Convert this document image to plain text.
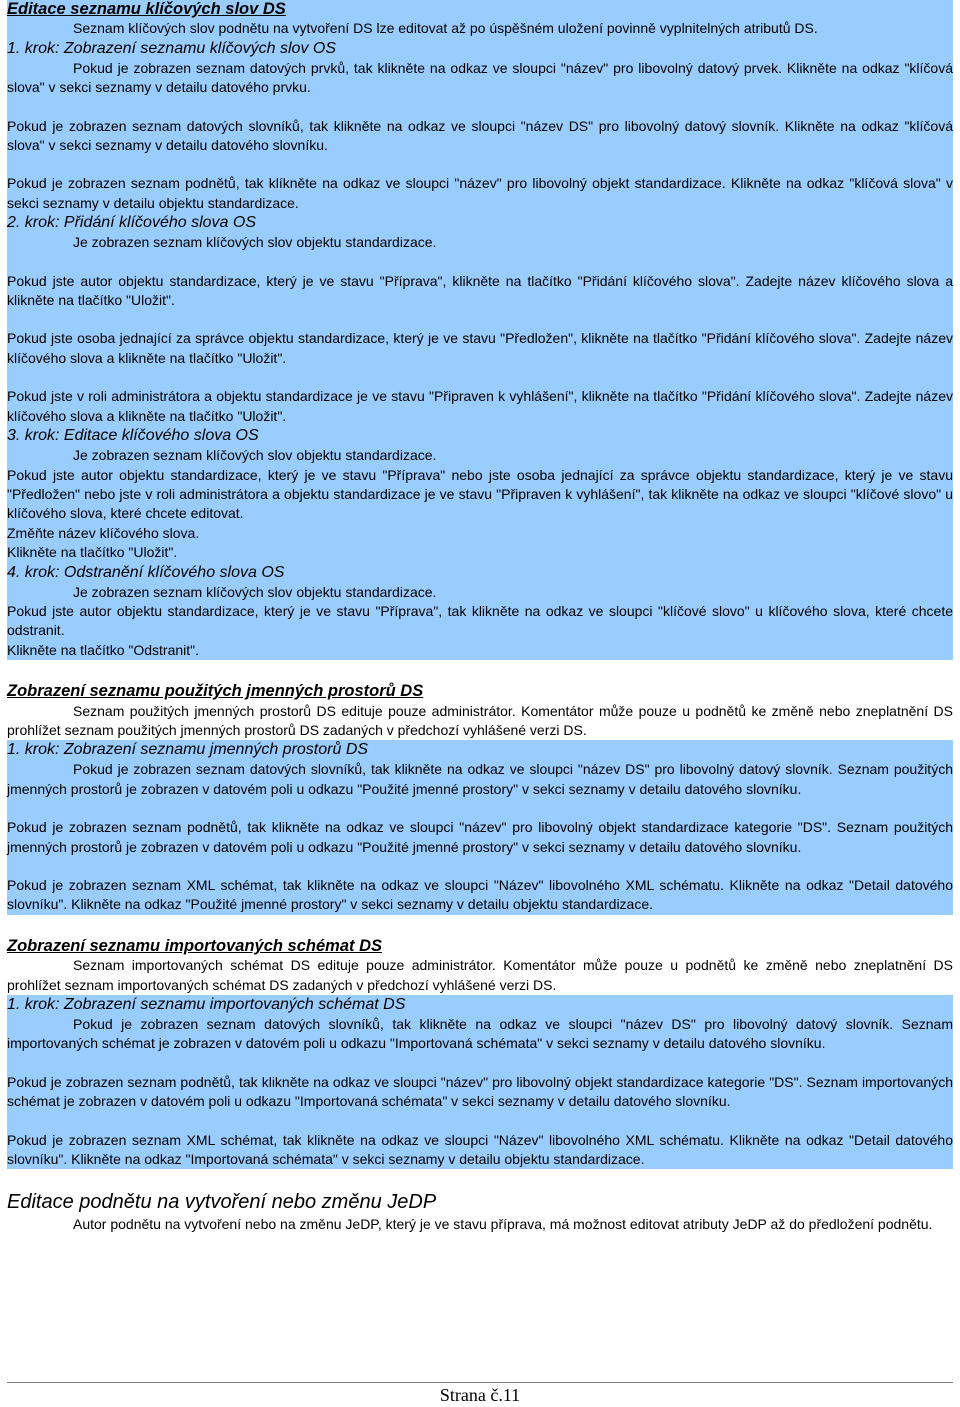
Editace seznamu klíčových slov DS

Seznam klíčových slov podnětu na vytvoření DS lze editovat až po úspěšném uložení povinně vyplnitelných atributů DS.

1. krok: Zobrazení seznamu klíčových slov OS

Pokud je zobrazen seznam datových prvků, tak klikněte na odkaz ve sloupci "název" pro libovolný datový prvek. Klikněte na odkaz "klíčová slova" v sekci seznamy v detailu datového prvku.

Pokud je zobrazen seznam datových slovníků, tak klikněte na odkaz ve sloupci "název DS" pro libovolný datový slovník. Klikněte na odkaz "klíčová slova" v sekci seznamy v detailu datového slovníku.

Pokud je zobrazen seznam podnětů, tak klíkněte na odkaz ve sloupci "název" pro libovolný objekt standardizace. Klikněte na odkaz "klíčová slova" v sekci seznamy v detailu objektu standardizace.

2. krok: Přidání klíčového slova OS

Je zobrazen seznam klíčových slov objektu standardizace.

Pokud jste autor objektu standardizace, který je ve stavu "Příprava", klikněte na tlačítko "Přidání klíčového slova". Zadejte název klíčového slova a klikněte na tlačítko "Uložit".

Pokud jste osoba jednající za správce objektu standardizace, který je ve stavu "Předložen", klikněte na tlačítko "Přidání klíčového slova". Zadejte název klíčového slova a klikněte na tlačítko "Uložit".

Pokud jste v roli administrátora a objektu standardizace je ve stavu "Připraven k vyhlášení", klikněte na tlačítko "Přidání klíčového slova". Zadejte název klíčového slova a klikněte na tlačítko "Uložit".

3. krok: Editace klíčového slova OS

Je zobrazen seznam klíčových slov objektu standardizace.

Pokud jste autor objektu standardizace, který je ve stavu "Příprava" nebo jste osoba jednající za správce objektu standardizace, který je ve stavu "Předložen" nebo jste v roli administrátora a objektu standardizace je ve stavu "Připraven k vyhlášení", tak klikněte na odkaz ve sloupci "klíčové slovo" u klíčového slova, které chcete editovat.

Změňte název klíčového slova.

Klikněte na tlačítko "Uložit".

4. krok: Odstranění klíčového slova OS

Je zobrazen seznam klíčových slov objektu standardizace.

Pokud jste autor objektu standardizace, který je ve stavu "Příprava", tak klikněte na odkaz ve sloupci "klíčové slovo" u klíčového slova, které chcete odstranit.

Klikněte na tlačítko "Odstranit".

Zobrazení seznamu použitých jmenných prostorů DS

Seznam použitých jmenných prostorů DS edituje pouze administrátor. Komentátor může pouze u podnětů ke změně nebo zneplatnění DS prohlížet seznam použitých jmenných prostorů DS zadaných v předchozí vyhlášené verzi DS.

1. krok: Zobrazení seznamu jmenných prostorů DS

Pokud je zobrazen seznam datových slovníků, tak klikněte na odkaz ve sloupci "název DS" pro libovolný datový slovník. Seznam použitých jmenných prostorů je zobrazen v datovém poli u odkazu "Použité jmenné prostory" v sekci seznamy v detailu datového slovníku.

Pokud je zobrazen seznam podnětů, tak klikněte na odkaz ve sloupci "název" pro libovolný objekt standardizace kategorie "DS". Seznam použitých jmenných prostorů je zobrazen v datovém poli u odkazu "Použité jmenné prostory" v sekci seznamy v detailu datového slovníku.

Pokud je zobrazen seznam XML schémat, tak klikněte na odkaz ve sloupci "Název" libovolného XML schématu. Klikněte na odkaz "Detail datového slovníku". Klikněte na odkaz "Použité jmenné prostory" v sekci seznamy v detailu objektu standardizace.

Zobrazení seznamu importovaných schémat DS

Seznam importovaných schémat DS edituje pouze administrátor. Komentátor může pouze u podnětů ke změně nebo zneplatnění DS prohlížet seznam importovaných schémat DS zadaných v předchozí vyhlášené verzi DS.

1. krok: Zobrazení seznamu importovaných schémat DS

Pokud je zobrazen seznam datových slovníků, tak klikněte na odkaz ve sloupci "název DS" pro libovolný datový slovník. Seznam importovaných schémat je zobrazen v datovém poli u odkazu "Importovaná schémata" v sekci seznamy v detailu datového slovníku.

Pokud je zobrazen seznam podnětů, tak klikněte na odkaz ve sloupci "název" pro libovolný objekt standardizace kategorie "DS". Seznam importovaných schémat je zobrazen v datovém poli u odkazu "Importovaná schémata" v sekci seznamy v detailu datového slovníku.

Pokud je zobrazen seznam XML schémat, tak klikněte na odkaz ve sloupci "Název" libovolného XML schématu. Klikněte na odkaz "Detail datového slovníku". Klikněte na odkaz "Importovaná schémata" v sekci seznamy v detailu objektu standardizace.

Editace podnětu na vytvoření nebo změnu JeDP

Autor podnětu na vytvoření nebo na změnu JeDP, který je ve stavu příprava, má možnost editovat atributy JeDP až do předložení podnětu.

Strana č.11
